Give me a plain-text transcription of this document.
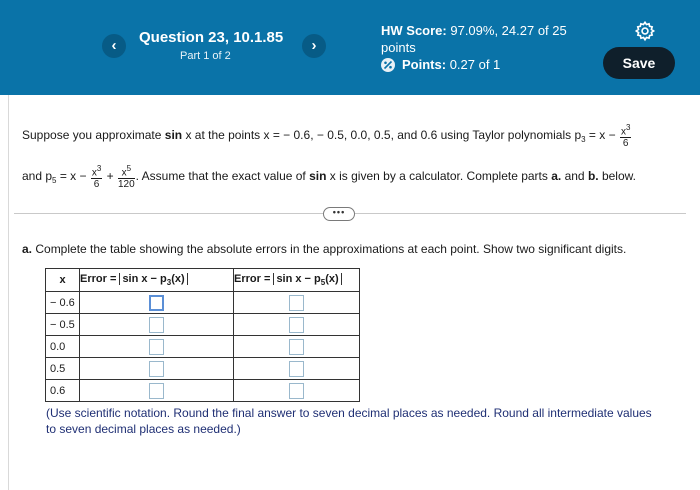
‹	Question 23, 10.1.85
Part 1 of 2
›
HW Score: 97.09%, 24.27 of 25 points
Points:
0.27 of 1	Save
Suppose you approximate sin x at the points x = − 0.6, − 0.5, 0.0, 0.5, and 0.6 using Taylor polynomials $p_3 = x - \frac{x^3}{6}$
and $p_5 = x - \frac{x^3}{6} + \frac{x^5}{120}$ . Assume that the exact value of sin x is given by a calculator. Complete parts a. and b. below.
•••
a. Complete the table showing the absolute errors in the approximations at each point. Show two significant digits.
x	Error = $\sin x - p_3(x)$	Error = $\sin x - p_5(x)$
− 0.6	

− 0.5	

0.0	

0.5	

0.6	

(Use scientific notation. Round the final answer to seven decimal places as needed. Round all intermediate values to seven decimal places as needed.)
